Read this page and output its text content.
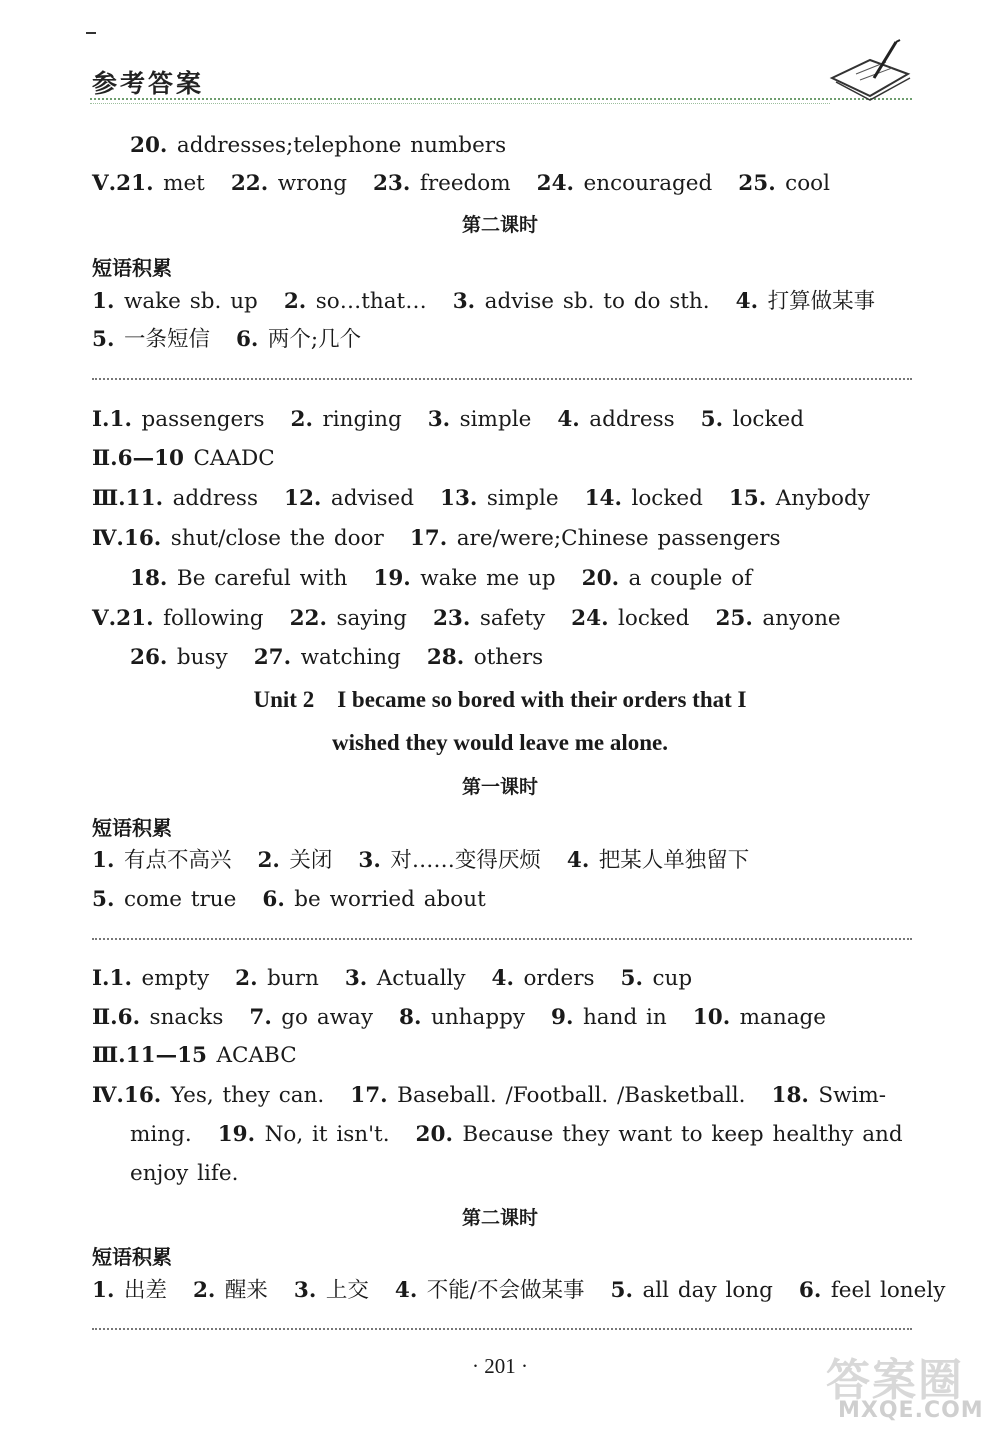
参考答案
20. addresses;telephone numbers
Ⅴ.21. met 22. wrong 23. freedom 24. encouraged 25. cool
第二课时
短语积累
1. wake sb. up 2. so…that… 3. advise sb. to do sth. 4. 打算做某事
5. 一条短信 6. 两个;几个
Ⅰ.1. passengers 2. ringing 3. simple 4. address 5. locked
Ⅱ.6—10 CAADC
Ⅲ.11. address 12. advised 13. simple 14. locked 15. Anybody
Ⅳ.16. shut/close the door 17. are/were;Chinese passengers
18. Be careful with 19. wake me up 20. a couple of
Ⅴ.21. following 22. saying 23. safety 24. locked 25. anyone
26. busy 27. watching 28. others
Unit 2    I became so bored with their orders that I
wished they would leave me alone.
第一课时
短语积累
1. 有点不高兴 2. 关闭 3. 对……变得厌烦 4. 把某人单独留下
5. come true 6. be worried about
Ⅰ.1. empty 2. burn 3. Actually 4. orders 5. cup
Ⅱ.6. snacks 7. go away 8. unhappy 9. hand in 10. manage
Ⅲ.11—15 ACABC
Ⅳ.16. Yes, they can. 17. Baseball. /Football. /Basketball. 18. Swim-
ming. 19. No, it isn't. 20. Because they want to keep healthy and
enjoy life.
第二课时
短语积累
1. 出差 2. 醒来 3. 上交 4. 不能/不会做某事 5. all day long 6. feel lonely
· 201 ·	答案圈
MXQE.COM
